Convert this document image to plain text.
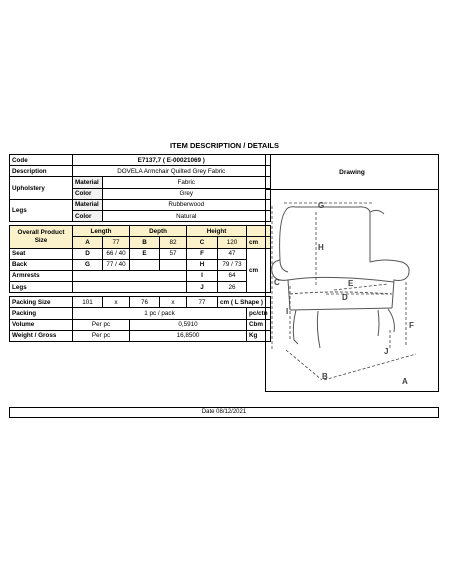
ITEM DESCRIPTION / DETAILS
Code	E7137,7 ( E-00021069 )						
Description	DOVELA Armchair Quilted Grey Fabric						
Upholstery	Material	Fabric					
	Color	Grey					
Legs	Material	Rubberwood					
	Color	Natural					

Overall Product Size	Length		Depth		Height		
	A	77	B	82	C	120	cm
Seat	D	66 / 40	E	57	F	47	cm
Back	G	77 / 40			H	79 / 73	
Armrests					I	64	
Legs					J	26	

Packing Size	101	x	76	x	77	cm ( L Shape )	
Packing	1 pc / pack						pc/ctn
Volume	Per pc		0,5910				Cbm
Weight / Gross	Per pc		16,8500				Kg
Drawing
G
H
C
I
E
D
F
J
B
A
Date 08/12/2021
